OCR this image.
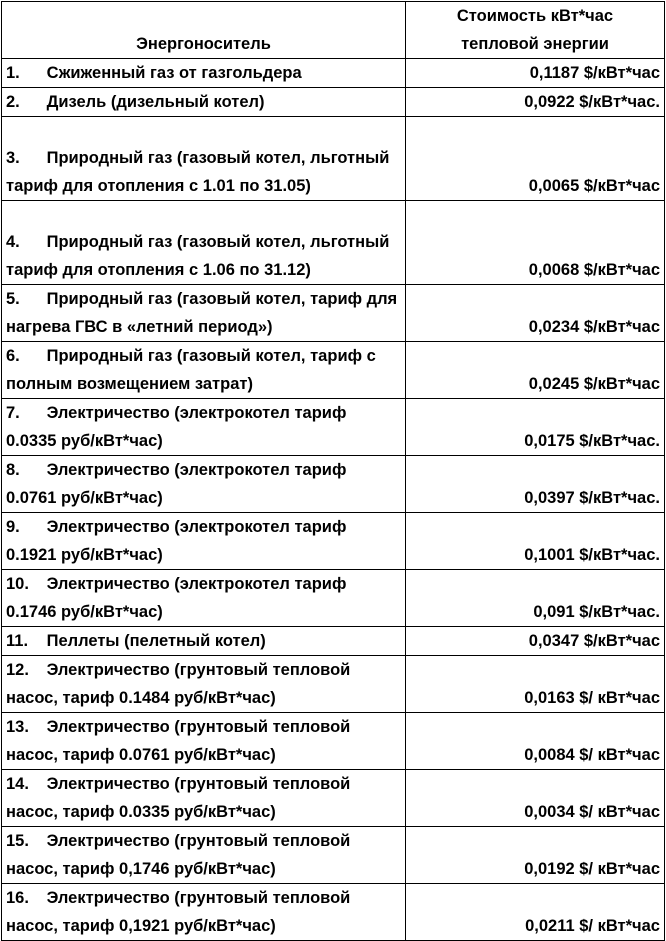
Энергоноситель	Стоимость кВт*час
тепловой энергии

1. Сжиженный газ от газгольдера	0,1187 $/кВт*час
2. Дизель (дизельный котел)	0,0922 $/кВт*час.
3. Природный газ (газовый котел, льготный тариф для отопления с 1.01 по 31.05)	0,0065 $/кВт*час
4. Природный газ (газовый котел, льготный тариф для отопления с 1.06 по 31.12)	0,0068 $/кВт*час
5. Природный газ (газовый котел, тариф для нагрева ГВС в «летний период»)	0,0234 $/кВт*час
6. Природный газ (газовый котел, тариф с полным возмещением затрат)	0,0245 $/кВт*час
7. Электричество (электрокотел тариф 0.0335 руб/кВт*час)	0,0175 $/кВт*час.
8. Электричество (электрокотел тариф 0.0761 руб/кВт*час)	0,0397 $/кВт*час.
9. Электричество (электрокотел тариф 0.1921 руб/кВт*час)	0,1001 $/кВт*час.
10. Электричество (электрокотел тариф 0.1746 руб/кВт*час)	0,091 $/кВт*час.
11. Пеллеты (пелетный котел)	0,0347 $/кВт*час
12. Электричество (грунтовый тепловой насос, тариф 0.1484 руб/кВт*час)	0,0163 $/ кВт*час
13. Электричество (грунтовый тепловой насос, тариф 0.0761 руб/кВт*час)	0,0084 $/ кВт*час
14. Электричество (грунтовый тепловой насос, тариф 0.0335 руб/кВт*час)	0,0034 $/ кВт*час
15. Электричество (грунтовый тепловой насос, тариф 0,1746 руб/кВт*час)	0,0192 $/ кВт*час
16. Электричество (грунтовый тепловой насос, тариф 0,1921 руб/кВт*час)	0,0211 $/ кВт*час
